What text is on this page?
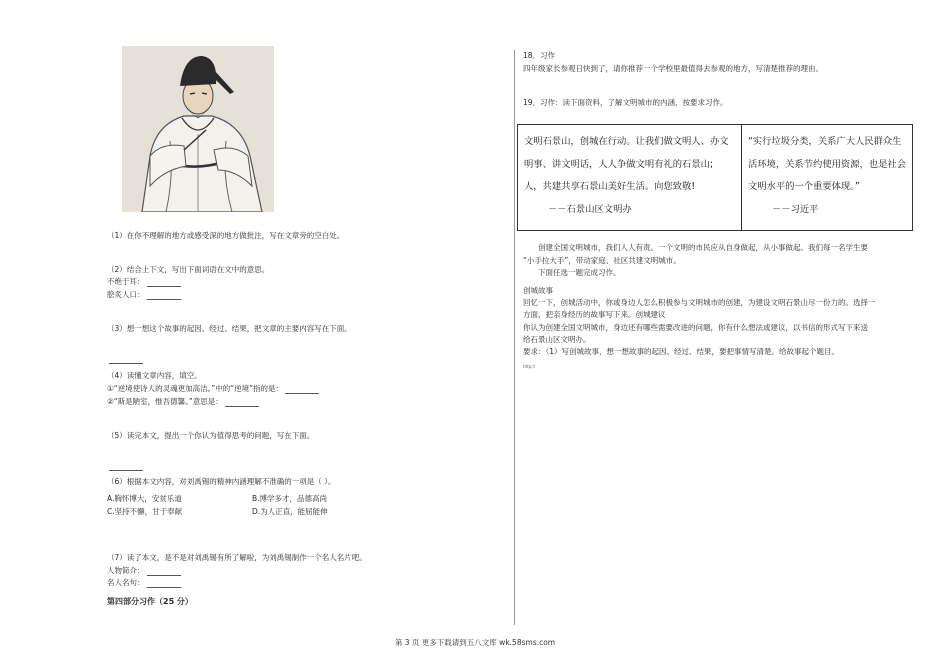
（1）在你不理解的地方或感受深的地方做批注，写在文章旁的空白处。
（2）结合上下文，写出下面词语在文中的意思。
不绝于耳：
脍炙人口：
（3）想一想这个故事的起因、经过、结果，把文章的主要内容写在下面。
（4）读懂文章内容，填空。
①“逆境使诗人的灵魂更加高洁。”中的“逆境”指的是：
②“斯是陋室，惟吾德馨。”意思是：
（5）读完本文，提出一个你认为值得思考的问题，写在下面。
（6）根据本文内容，对刘禹锡的精神内涵理解不准确的一项是（ ）。
A.胸怀博大，安贫乐道	B.博学多才，品德高尚
C.坚持不懈，甘于奉献	D.为人正直，能屈能伸
（7）读了本文，是不是对刘禹锡有所了解啦，为刘禹锡制作一个名人名片吧。
人物简介：
名人名句：
第四部分习作（25 分）
18．习作
四年级家长参观日快到了，请你推荐一个学校里最值得去参观的地方，写清楚推荐的理由。
19．习作：读下面资料，了解文明城市的内涵，按要求习作。
文明石景山，创城在行动。让我们做文明人、办文
明事、讲文明话，人人争做文明有礼的石景山;
人，共建共享石景山美好生活。向您致敬!
－－石景山区文明办

“实行垃圾分类，关系广大人民群众生
活环境，关系节约使用资源，也是社会
文明水平的一个重要体现。”
－－习近平
创建全国文明城市，我们人人有责。一个文明的市民应从自身做起，从小事做起。我们每一名学生要
“小手拉大手”，带动家庭、社区共建文明城市。
下面任选一题完成习作。
创城故事
回忆一下，创城活动中，你或身边人怎么积极参与文明城市的创建，为建设文明石景山尽一份力的。选择一
方面，把亲身经历的故事写下来。创城建议
你认为创建全国文明城市，身边还有哪些需要改进的问题，你有什么想法或建议，以书信的形式写下来送
给石景山区文明办。
要求：（1）写创城故事，想一想故事的起因、经过、结果，要把事情写清楚。给故事起个题目。
http://
第 3 页 更多下载请到五八文库 wk.58sms.com
